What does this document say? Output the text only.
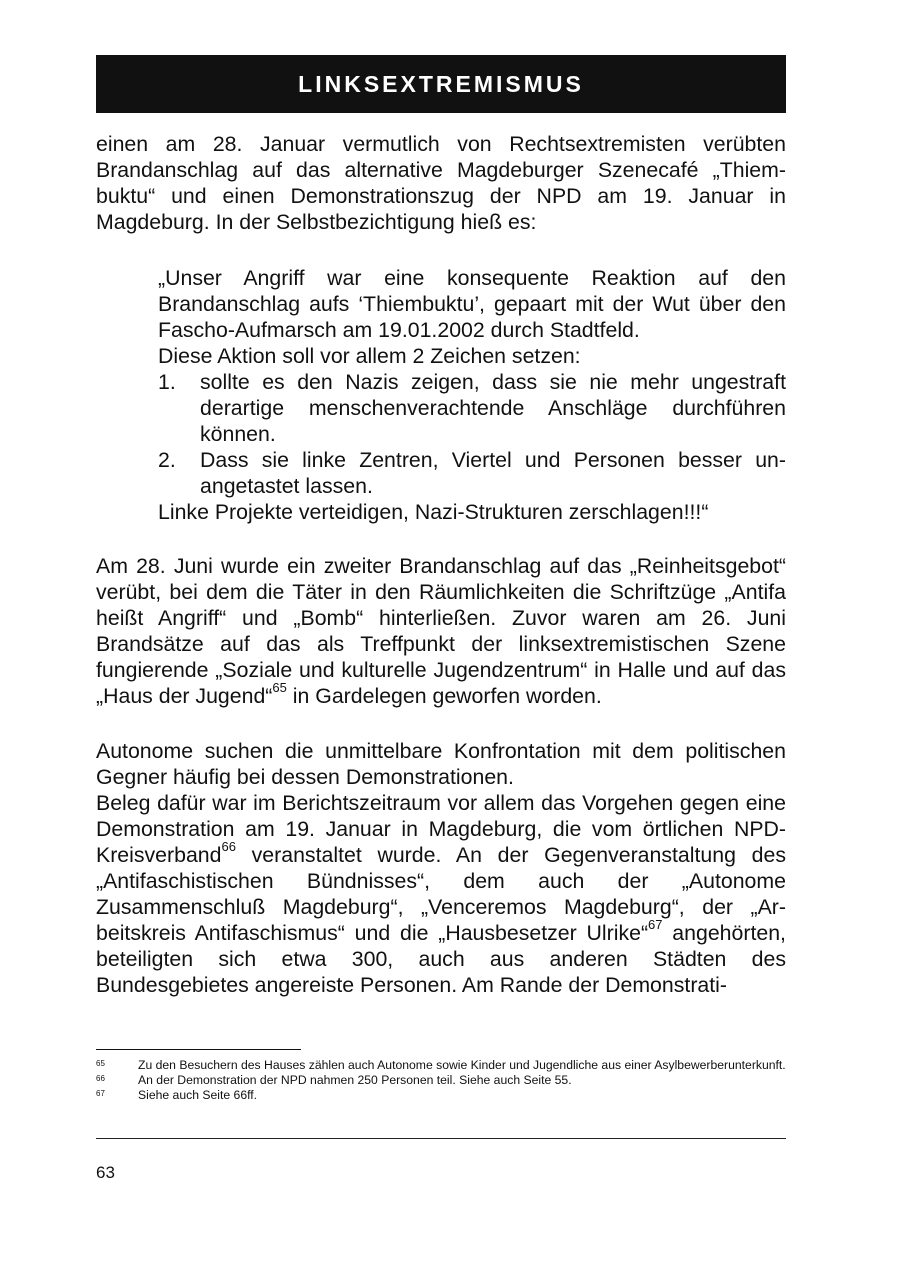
LINKSEXTREMISMUS

einen am 28. Januar vermutlich von Rechtsextremisten verübten Brandanschlag auf das alternative Magdeburger Szenecafé „Thiembuktu“ und einen Demonstrationszug der NPD am 19. Januar in Magdeburg. In der Selbstbezichtigung hieß es:

„Unser Angriff war eine konsequente Reaktion auf den Brandanschlag aufs ‘Thiembuktu’, gepaart mit der Wut über den Fascho-Aufmarsch am 19.01.2002 durch Stadtfeld.

Diese Aktion soll vor allem 2 Zeichen setzen:

1. sollte es den Nazis zeigen, dass sie nie mehr ungestraft derartige menschenverachtende Anschläge durchführen können.
2. Dass sie linke Zentren, Viertel und Personen besser unangetastet lassen.

Linke Projekte verteidigen, Nazi-Strukturen zerschlagen!!!“

Am 28. Juni wurde ein zweiter Brandanschlag auf das „Reinheitsgebot“ verübt, bei dem die Täter in den Räumlichkeiten die Schriftzüge „Antifa heißt Angriff“ und „Bomb“ hinterließen. Zuvor waren am 26. Juni Brandsätze auf das als Treffpunkt der linksextremistischen Szene fungierende „Soziale und kulturelle Jugendzentrum“ in Halle und auf das „Haus der Jugend“$^{65}$ in Gardelegen geworfen worden.

Autonome suchen die unmittelbare Konfrontation mit dem politischen Gegner häufig bei dessen Demonstrationen.

Beleg dafür war im Berichtszeitraum vor allem das Vorgehen gegen eine Demonstration am 19. Januar in Magdeburg, die vom örtlichen NPD-Kreisverband$^{66}$ veranstaltet wurde. An der Gegenveranstaltung des „Antifaschistischen Bündnisses“, dem auch der „Autonome Zusammenschluß Magdeburg“, „Venceremos Magdeburg“, der „Arbeitskreis Antifaschismus“ und die „Hausbesetzer Ulrike“$^{67}$ angehörten, beteiligten sich etwa 300, auch aus anderen Städten des Bundesgebietes angereiste Personen. Am Rande der Demonstrati-

65	Zu den Besuchern des Hauses zählen auch Autonome sowie Kinder und Jugendliche aus einer Asylbewerberunterkunft.
66	An der Demonstration der NPD nahmen 250 Personen teil. Siehe auch Seite 55.
67	Siehe auch Seite 66ff.
63
